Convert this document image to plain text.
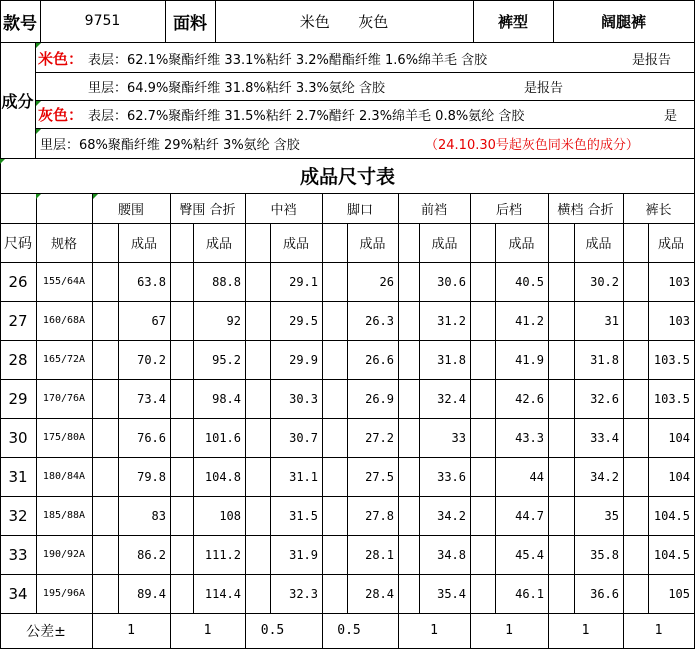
款号	9751	面料	米色      灰色	裤型	阔腿裤
成分
米色： 表层：62.1%聚酯纤维 33.1%粘纤 3.2%醋酯纤维 1.6%绵羊毛 含胶	是报告
里层：64.9%聚酯纤维 31.8%粘纤 3.3%氨纶 含胶	是报告
灰色： 表层：62.7%聚酯纤维 31.5%粘纤 2.7%醋纤 2.3%绵羊毛 0.8%氨纶 含胶	是
里层：68%聚酯纤维 29%粘纤 3%氨纶 含胶	（24.10.30号起灰色同米色的成分）
成品尺寸表
腰围	臀围 合折	中裆	脚口	前裆	后档	横档 合折	裤长
尺码	规格	成品	成品	成品	成品	成品	成品	成品	成品
26	155/64A	63.8	88.8	29.1	26	30.6	40.5	30.2	103
27	160/68A	67	92	29.5	26.3	31.2	41.2	31	103
28	165/72A	70.2	95.2	29.9	26.6	31.8	41.9	31.8	103.5
29	170/76A	73.4	98.4	30.3	26.9	32.4	42.6	32.6	103.5
30	175/80A	76.6	101.6	30.7	27.2	33	43.3	33.4	104
31	180/84A	79.8	104.8	31.1	27.5	33.6	44	34.2	104
32	185/88A	83	108	31.5	27.8	34.2	44.7	35	104.5
33	190/92A	86.2	111.2	31.9	28.1	34.8	45.4	35.8	104.5
34	195/96A	89.4	114.4	32.3	28.4	35.4	46.1	36.6	105
公差±	1	1	0.5	0.5	1	1	1	1
